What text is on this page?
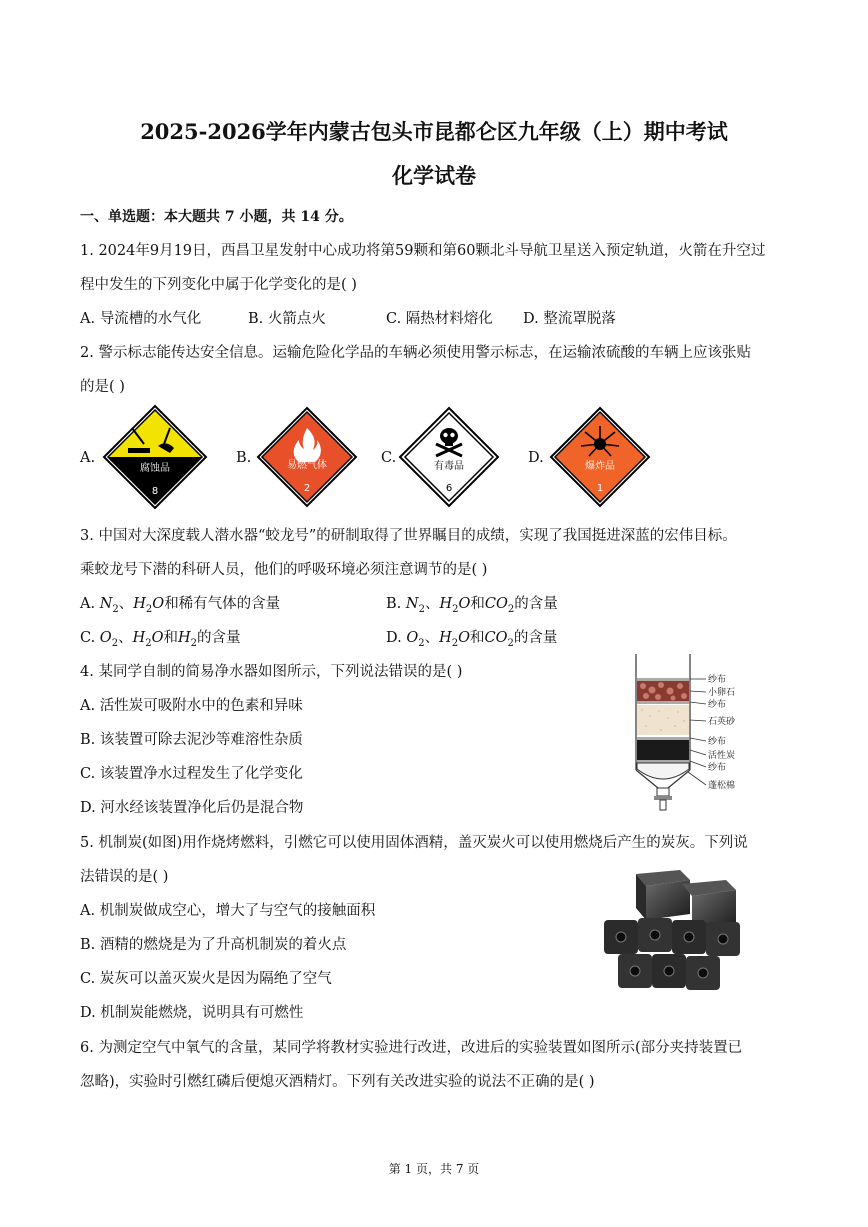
2025-2026学年内蒙古包头市昆都仑区九年级（上）期中考试
化学试卷
一、单选题：本大题共 7 小题，共 14 分。
1. 2024年9月19日，西昌卫星发射中心成功将第59颗和第60颗北斗导航卫星送入预定轨道，火箭在升空过
程中发生的下列变化中属于化学变化的是( )
A. 导流槽的水气化	B. 火箭点火	C. 隔热材料熔化 D. 整流罩脱落
2. 警示标志能传达安全信息。运输危险化学品的车辆必须使用警示标志，在运输浓硫酸的车辆上应该张贴
的是( )
A.	B.	C.	D.
腐蚀品
8
易燃气体
2
有毒品
6
爆炸品
1
3. 中国对大深度载人潜水器“蛟龙号”的研制取得了世界瞩目的成绩，实现了我国挺进深蓝的宏伟目标。
乘蛟龙号下潜的科研人员，他们的呼吸环境必须注意调节的是( )
A. $N_2$、$H_2O$和稀有气体的含量	B. $N_2$、$H_2O$和$CO_2$的含量
C. $O_2$、$H_2O$和$H_2$的含量	D. $O_2$、$H_2O$和$CO_2$的含量
4. 某同学自制的简易净水器如图所示，下列说法错误的是( )
A. 活性炭可吸附水中的色素和异味
B. 该装置可除去泥沙等难溶性杂质
C. 该装置净水过程发生了化学变化
D. 河水经该装置净化后仍是混合物
纱布
小卵石
纱布
石英砂
纱布
活性炭
纱布
蓬松棉
5. 机制炭(如图)用作烧烤燃料，引燃它可以使用固体酒精，盖灭炭火可以使用燃烧后产生的炭灰。下列说
法错误的是( )
A. 机制炭做成空心，增大了与空气的接触面积
B. 酒精的燃烧是为了升高机制炭的着火点
C. 炭灰可以盖灭炭火是因为隔绝了空气
D. 机制炭能燃烧，说明具有可燃性
6. 为测定空气中氧气的含量，某同学将教材实验进行改进，改进后的实验装置如图所示(部分夹持装置已
忽略)，实验时引燃红磷后便熄灭酒精灯。下列有关改进实验的说法不正确的是( )
第 1 页，共 7 页
